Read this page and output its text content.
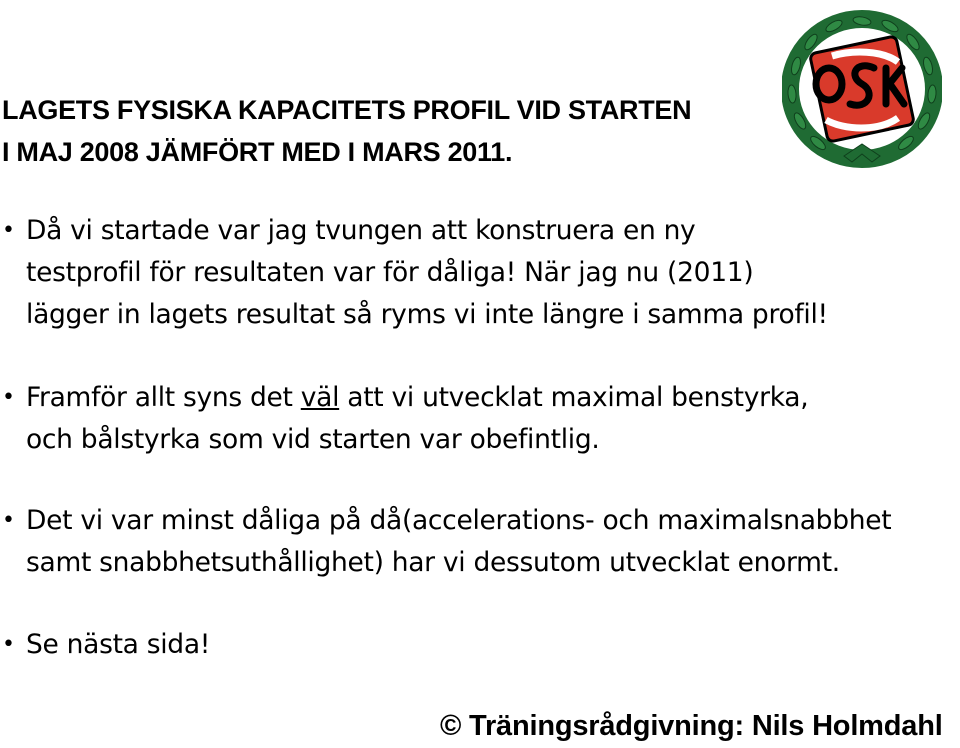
LAGETS FYSISKA KAPACITETS PROFIL VID STARTEN
I MAJ 2008 JÄMFÖRT MED I MARS 2011.
• Då vi startade var jag tvungen att konstruera en ny
testprofil för resultaten var för dåliga! När jag nu (2011)
lägger in lagets resultat så ryms vi inte längre i samma profil!
• Framför allt syns det väl att vi utvecklat maximal benstyrka,
och bålstyrka som vid starten var obefintlig.
• Det vi var minst dåliga på då(accelerations- och maximalsnabbhet
samt snabbhetsuthållighet) har vi dessutom utvecklat enormt.
• Se nästa sida!
© Träningsrådgivning: Nils Holmdahl
